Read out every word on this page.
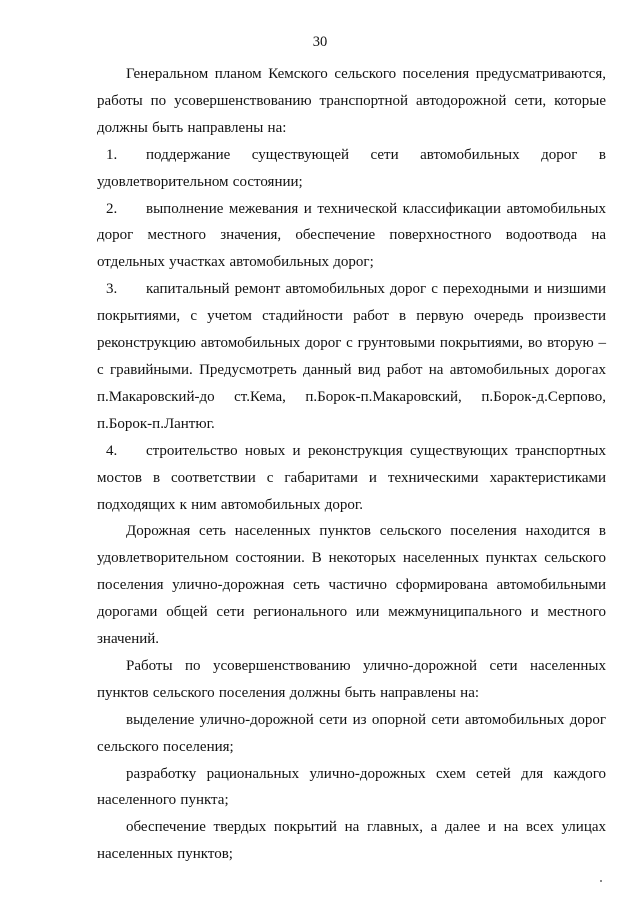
30

Генеральном планом Кемского сельского поселения предусматриваются, работы по усовершенствованию транспортной автодорожной сети, которые должны быть направлены на:

1. поддержание существующей сети автомобильных дорог в удовлетворительном состоянии;

2. выполнение межевания и технической классификации автомобильных дорог местного значения, обеспечение поверхностного водоотвода на отдельных участках автомобильных дорог;

3. капитальный ремонт автомобильных дорог с переходными и низшими покрытиями, с учетом стадийности работ в первую очередь произвести реконструкцию автомобильных дорог с грунтовыми покрытиями, во вторую – с гравийными. Предусмотреть данный вид работ на автомобильных дорогах п.Макаровский-до ст.Кема, п.Борок-п.Макаровский, п.Борок-д.Серпово, п.Борок-п.Лантюг.

4. строительство новых и реконструкция существующих транспортных мостов в соответствии с габаритами и техническими характеристиками подходящих к ним автомобильных дорог.

Дорожная сеть населенных пунктов сельского поселения находится в удовлетворительном состоянии. В некоторых населенных пунктах сельского поселения улично-дорожная сеть частично сформирована автомобильными дорогами общей сети регионального или межмуниципального и местного значений.

Работы по усовершенствованию улично-дорожной сети населенных пунктов сельского поселения должны быть направлены на:

выделение улично-дорожной сети из опорной сети автомобильных дорог сельского поселения;

разработку рациональных улично-дорожных схем сетей для каждого населенного пункта;

обеспечение твердых покрытий на главных, а далее и на всех улицах населенных пунктов;
